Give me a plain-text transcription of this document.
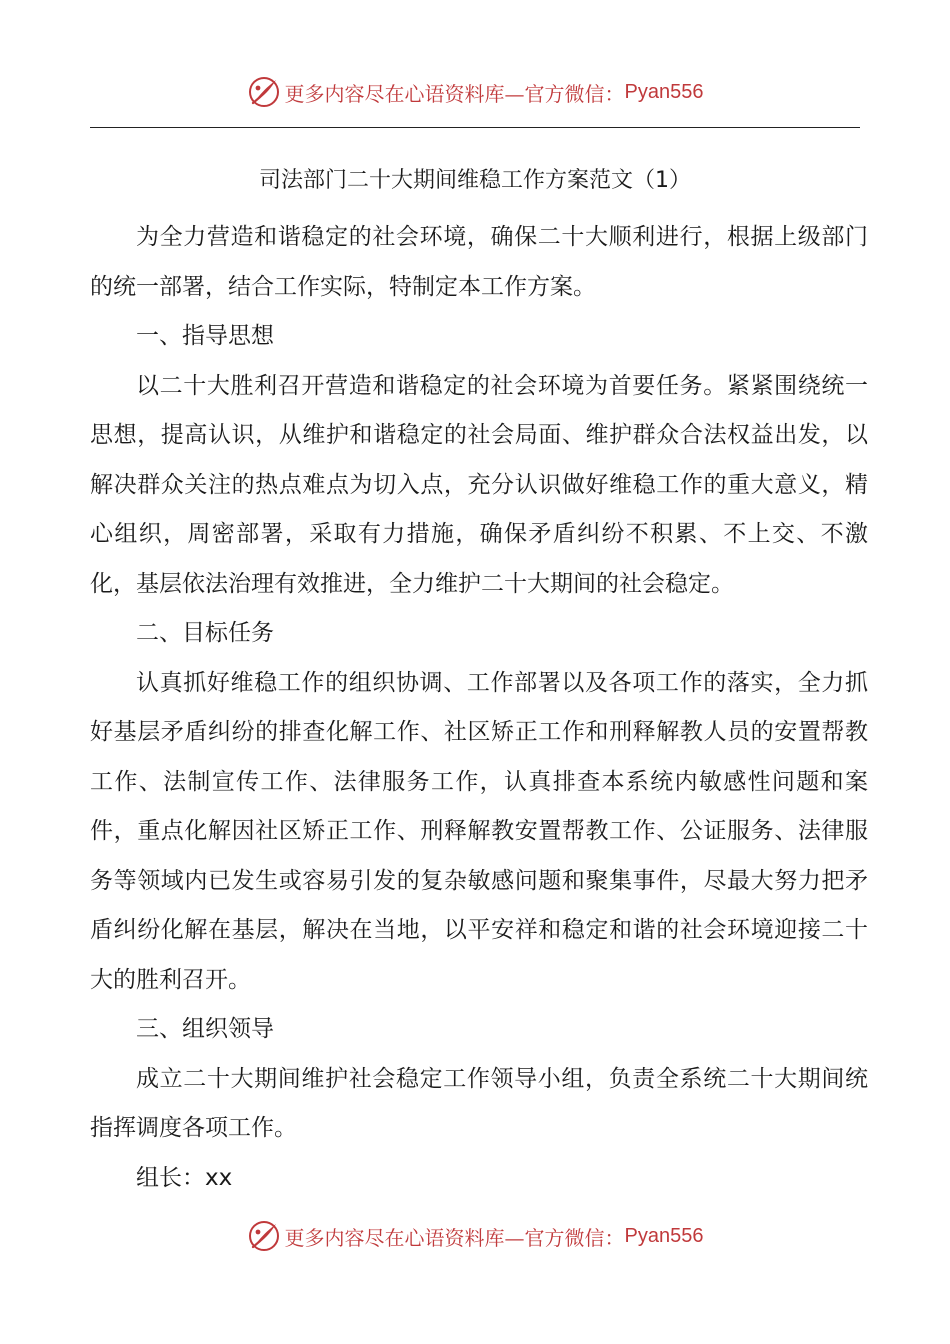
更多内容尽在心语资料库—官方微信： Pyan556
司法部门二十大期间维稳工作方案范文（1）

为全力营造和谐稳定的社会环境，确保二十大顺利进行，根据上级部门的统一部署，结合工作实际，特制定本工作方案。

一、指导思想

以二十大胜利召开营造和谐稳定的社会环境为首要任务。紧紧围绕统一思想，提高认识，从维护和谐稳定的社会局面、维护群众合法权益出发，以解决群众关注的热点难点为切入点，充分认识做好维稳工作的重大意义，精心组织，周密部署，采取有力措施，确保矛盾纠纷不积累、不上交、不激化，基层依法治理有效推进，全力维护二十大期间的社会稳定。

二、目标任务

认真抓好维稳工作的组织协调、工作部署以及各项工作的落实，全力抓好基层矛盾纠纷的排查化解工作、社区矫正工作和刑释解教人员的安置帮教工作、法制宣传工作、法律服务工作，认真排查本系统内敏感性问题和案件，重点化解因社区矫正工作、刑释解教安置帮教工作、公证服务、法律服务等领域内已发生或容易引发的复杂敏感问题和聚集事件，尽最大努力把矛盾纠纷化解在基层，解决在当地，以平安祥和稳定和谐的社会环境迎接二十大的胜利召开。

三、组织领导

成立二十大期间维护社会稳定工作领导小组，负责全系统二十大期间统指挥调度各项工作。

组长：xx

更多内容尽在心语资料库—官方微信： Pyan556
